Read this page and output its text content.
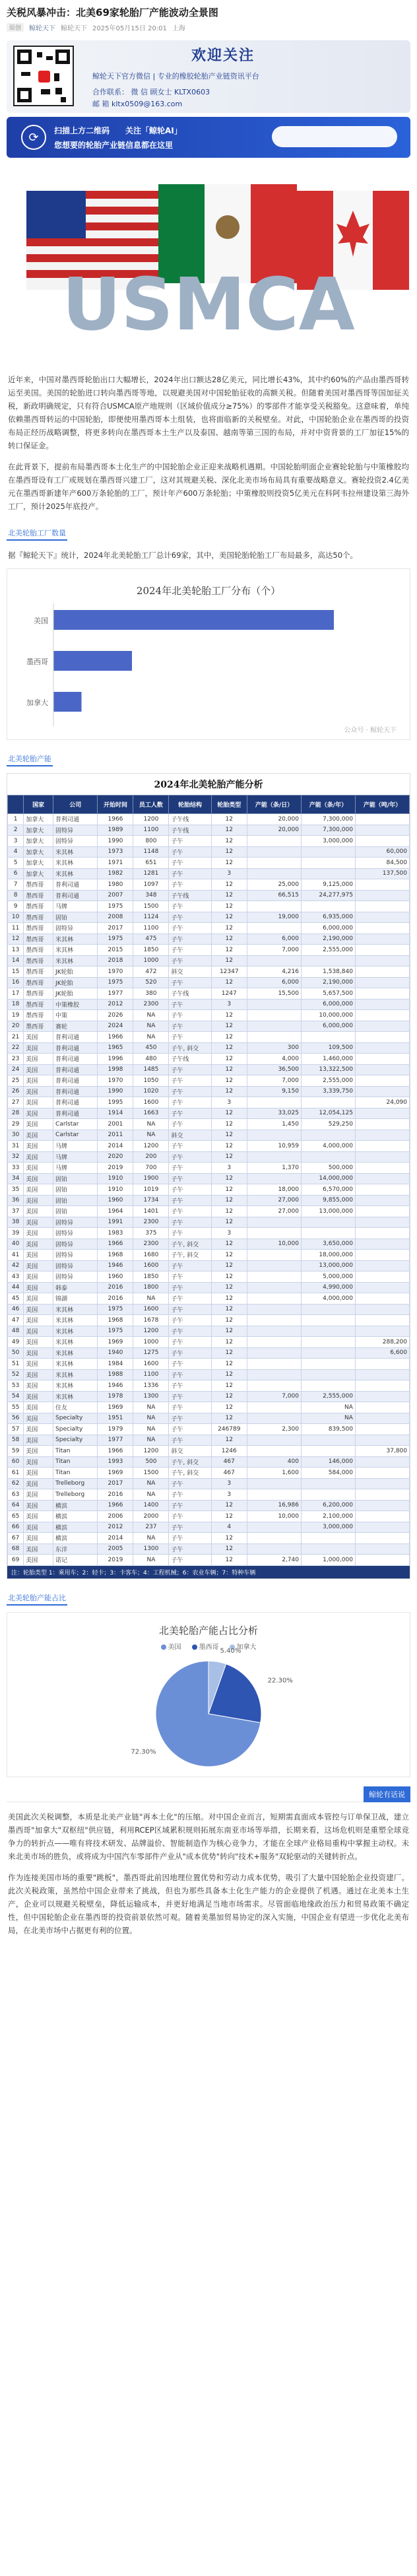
关税风暴冲击：北美69家轮胎厂产能波动全景图
原创	鲸轮天下 鲸轮天下 2025年05月15日 20:01 上海
欢迎关注
鲸轮天下官方微信 | 专业的橡胶轮胎产业链资讯平台
合作联系： 微 信 顾女士 KLTX0603
邮 箱 kltx0509@163.com
⟳	扫描上方二维码 关注「鲸轮AI」
您想要的轮胎产业链信息都在这里
USMCA
近年来，中国对墨西哥轮胎出口大幅增长，2024年出口额达28亿美元，同比增长43%，其中约60%的产品由墨西哥转运至美国。美国的轮胎进口转向墨西哥等地，以规避美国对中国轮胎征收的高额关税。但随着美国对墨西哥等国加征关税，新政明确规定，只有符合USMCA原产地规则（区域价值成分≥75%）的零部件才能享受关税豁免。这意味着，单纯依赖墨西哥转运的中国轮胎，即便使用墨西哥本土组装，也将面临新的关税壁垒。对此，中国轮胎企业在墨西哥的投资布局正经历战略调整，将更多转向在墨西哥本土生产以及泰国、越南等第三国的布局，并对中资背景的工厂加征15%的转口保证金。
在此背景下，提前布局墨西哥本土化生产的中国轮胎企业正迎来战略机遇期。中国轮胎明面企业赛轮轮胎与中策橡胶均在墨西哥设有工厂或规划在墨西哥兴建工厂，这对其规避关税、深化北美市场布局具有重要战略意义。赛轮投资2.4亿美元在墨西哥新建年产600万条轮胎的工厂，预计年产600万条轮胎；中策橡胶则投资5亿美元在科阿韦拉州建设第三海外工厂，预计2025年底投产。
北美轮胎工厂数量
据『鲸轮天下』统计，2024年北美轮胎工厂总计69家，其中，美国轮胎轮胎工厂布局最多，高达50个。
2024年北美轮胎工厂分布（个）
美国
墨西哥
加拿大
公众号 · 鲸轮天下
北美轮胎产能
2024年北美轮胎产能分析
	国家	公司	开始时间	员工人数	轮胎结构	轮胎类型	产能（条/日）	产能（条/年）	产能（吨/年）
1	加拿大	普利司通	1966	1200	子午线	12	20,000	7,300,000	
2	加拿大	固特异	1989	1100	子午线	12	20,000	7,300,000	
3	加拿大	固特异	1990	800	子午	12		3,000,000	
4	加拿大	米其林	1973	1148	子午	12			60,000
5	加拿大	米其林	1971	651	子午	12			84,500
6	加拿大	米其林	1982	1281	子午	3			137,500
7	墨西哥	普利司通	1980	1097	子午	12	25,000	9,125,000	
8	墨西哥	普利司通	2007	348	子午线	12	66,515	24,277,975	
9	墨西哥	马牌	1975	1500	子午	12			
10	墨西哥	固铂	2008	1124	子午	12	19,000	6,935,000	
11	墨西哥	固特异	2017	1100	子午	12		6,000,000	
12	墨西哥	米其林	1975	475	子午	12	6,000	2,190,000	
13	墨西哥	米其林	2015	1850	子午	12	7,000	2,555,000	
14	墨西哥	米其林	2018	1000	子午	12			
15	墨西哥	JK轮胎	1970	472	斜交	12347	4,216	1,538,840	
16	墨西哥	JK轮胎	1975	520	子午	12	6,000	2,190,000	
17	墨西哥	JK轮胎	1977	380	子午线	1247	15,500	5,657,500	
18	墨西哥	中策橡胶	2012	2300	子午	3		6,000,000	
19	墨西哥	中策	2026	NA	子午	12		10,000,000	
20	墨西哥	赛轮	2024	NA	子午	12		6,000,000	
21	美国	普利司通	1966	NA	子午	12			
22	美国	普利司通	1965	450	子午, 斜交	12	300	109,500	
23	美国	普利司通	1996	480	子午线	12	4,000	1,460,000	
24	美国	普利司通	1998	1485	子午	12	36,500	13,322,500	
25	美国	普利司通	1970	1050	子午	12	7,000	2,555,000	
26	美国	普利司通	1990	1020	子午	12	9,150	3,339,750	
27	美国	普利司通	1995	1600	子午	3			24,090
28	美国	普利司通	1914	1663	子午	12	33,025	12,054,125	
29	美国	Carlstar	2001	NA	子午	12	1,450	529,250	
30	美国	Carlstar	2011	NA	斜交	12			
31	美国	马牌	2014	1200	子午	12	10,959	4,000,000	
32	美国	马牌	2020	200	子午	12			
33	美国	马牌	2019	700	子午	3	1,370	500,000	
34	美国	固铂	1910	1900	子午	12		14,000,000	
35	美国	固铂	1910	1019	子午	12	18,000	6,570,000	
36	美国	固铂	1960	1734	子午	12	27,000	9,855,000	
37	美国	固铂	1964	1401	子午	12	27,000	13,000,000	
38	美国	固特异	1991	2300	子午	12			
39	美国	固特异	1983	375	子午	3			
40	美国	固特异	1966	2300	子午, 斜交	12	10,000	3,650,000	
41	美国	固特异	1968	1680	子午, 斜交	12		18,000,000	
42	美国	固特异	1946	1600	子午	12		13,000,000	
43	美国	固特异	1960	1850	子午	12		5,000,000	
44	美国	韩泰	2016	1800	子午	12		4,990,000	
45	美国	锦湖	2016	NA	子午	12		4,000,000	
46	美国	米其林	1975	1600	子午	12			
47	美国	米其林	1968	1678	子午	12			
48	美国	米其林	1975	1200	子午	12			
49	美国	米其林	1969	1000	子午	12			288,200
50	美国	米其林	1940	1275	子午	12			6,600
51	美国	米其林	1984	1600	子午	12			
52	美国	米其林	1988	1100	子午	12			
53	美国	米其林	1946	1336	子午	12			
54	美国	米其林	1978	1300	子午	12	7,000	2,555,000	
55	美国	住友	1969	NA	子午	12		NA	
56	美国	Specialty	1951	NA	子午	12		NA	
57	美国	Specialty	1979	NA	子午	246789	2,300	839,500	
58	美国	Specialty	1977	NA	子午	12			
59	美国	Titan	1966	1200	斜交	1246			37,800
60	美国	Titan	1993	500	子午, 斜交	467	400	146,000	
61	美国	Titan	1969	1500	子午, 斜交	467	1,600	584,000	
62	美国	Trelleborg	2017	NA	子午	3			
63	美国	Trelleborg	2016	NA	子午	3			
64	美国	横滨	1966	1400	子午	12	16,986	6,200,000	
65	美国	横滨	2006	2000	子午	12	10,000	2,100,000	
66	美国	横滨	2012	237	子午	4		3,000,000	
67	美国	横滨	2014	NA	子午	12			
68	美国	东洋	2005	1300	子午	12			
69	美国	诺记	2019	NA	子午	12	2,740	1,000,000	
注：轮胎类型 1：乘用车；2：轻卡；3：卡客车；4：工程机械；6：农业车辆；7：特种车辆
北美轮胎产能占比
北美轮胎产能占比分析
美国	墨西哥	加拿大
5.40%
22.30%
72.30%
鲸轮有话说
美国此次关税调整，本质是北美产业链"再本土化"的压缩。对中国企业而言，短期需直面成本管控与订单保卫战，建立墨西哥"加拿大"双枢纽"供应链，利用RCEP区域累积规则拓展东南亚市场等举措，长期来看，这场危机则是重塑全球竞争力的转折点——唯有将技术研发、品牌溢价、智能制造作为核心竞争力，才能在全球产业格局重构中掌握主动权。未来北美市场的胜负，或将成为中国汽车零部件产业从"成本优势"转向"技术+服务"双轮驱动的关键转折点。
作为连接美国市场的重要"跳板"，墨西哥此前因地理位置优势和劳动力成本优势，吸引了大量中国轮胎企业投资建厂。此次关税政策，虽然给中国企业带来了挑战，但也为那些具备本土化生产能力的企业提供了机遇。通过在北美本土生产，企业可以规避关税壁垒，降低运输成本，并更好地满足当地市场需求。尽管面临地缘政治压力和贸易政策不确定性，但中国轮胎企业在墨西哥的投资前景依然可观。随着美墨加贸易协定的深入实施，中国企业有望进一步优化北美布局，在北美市场中占据更有利的位置。
